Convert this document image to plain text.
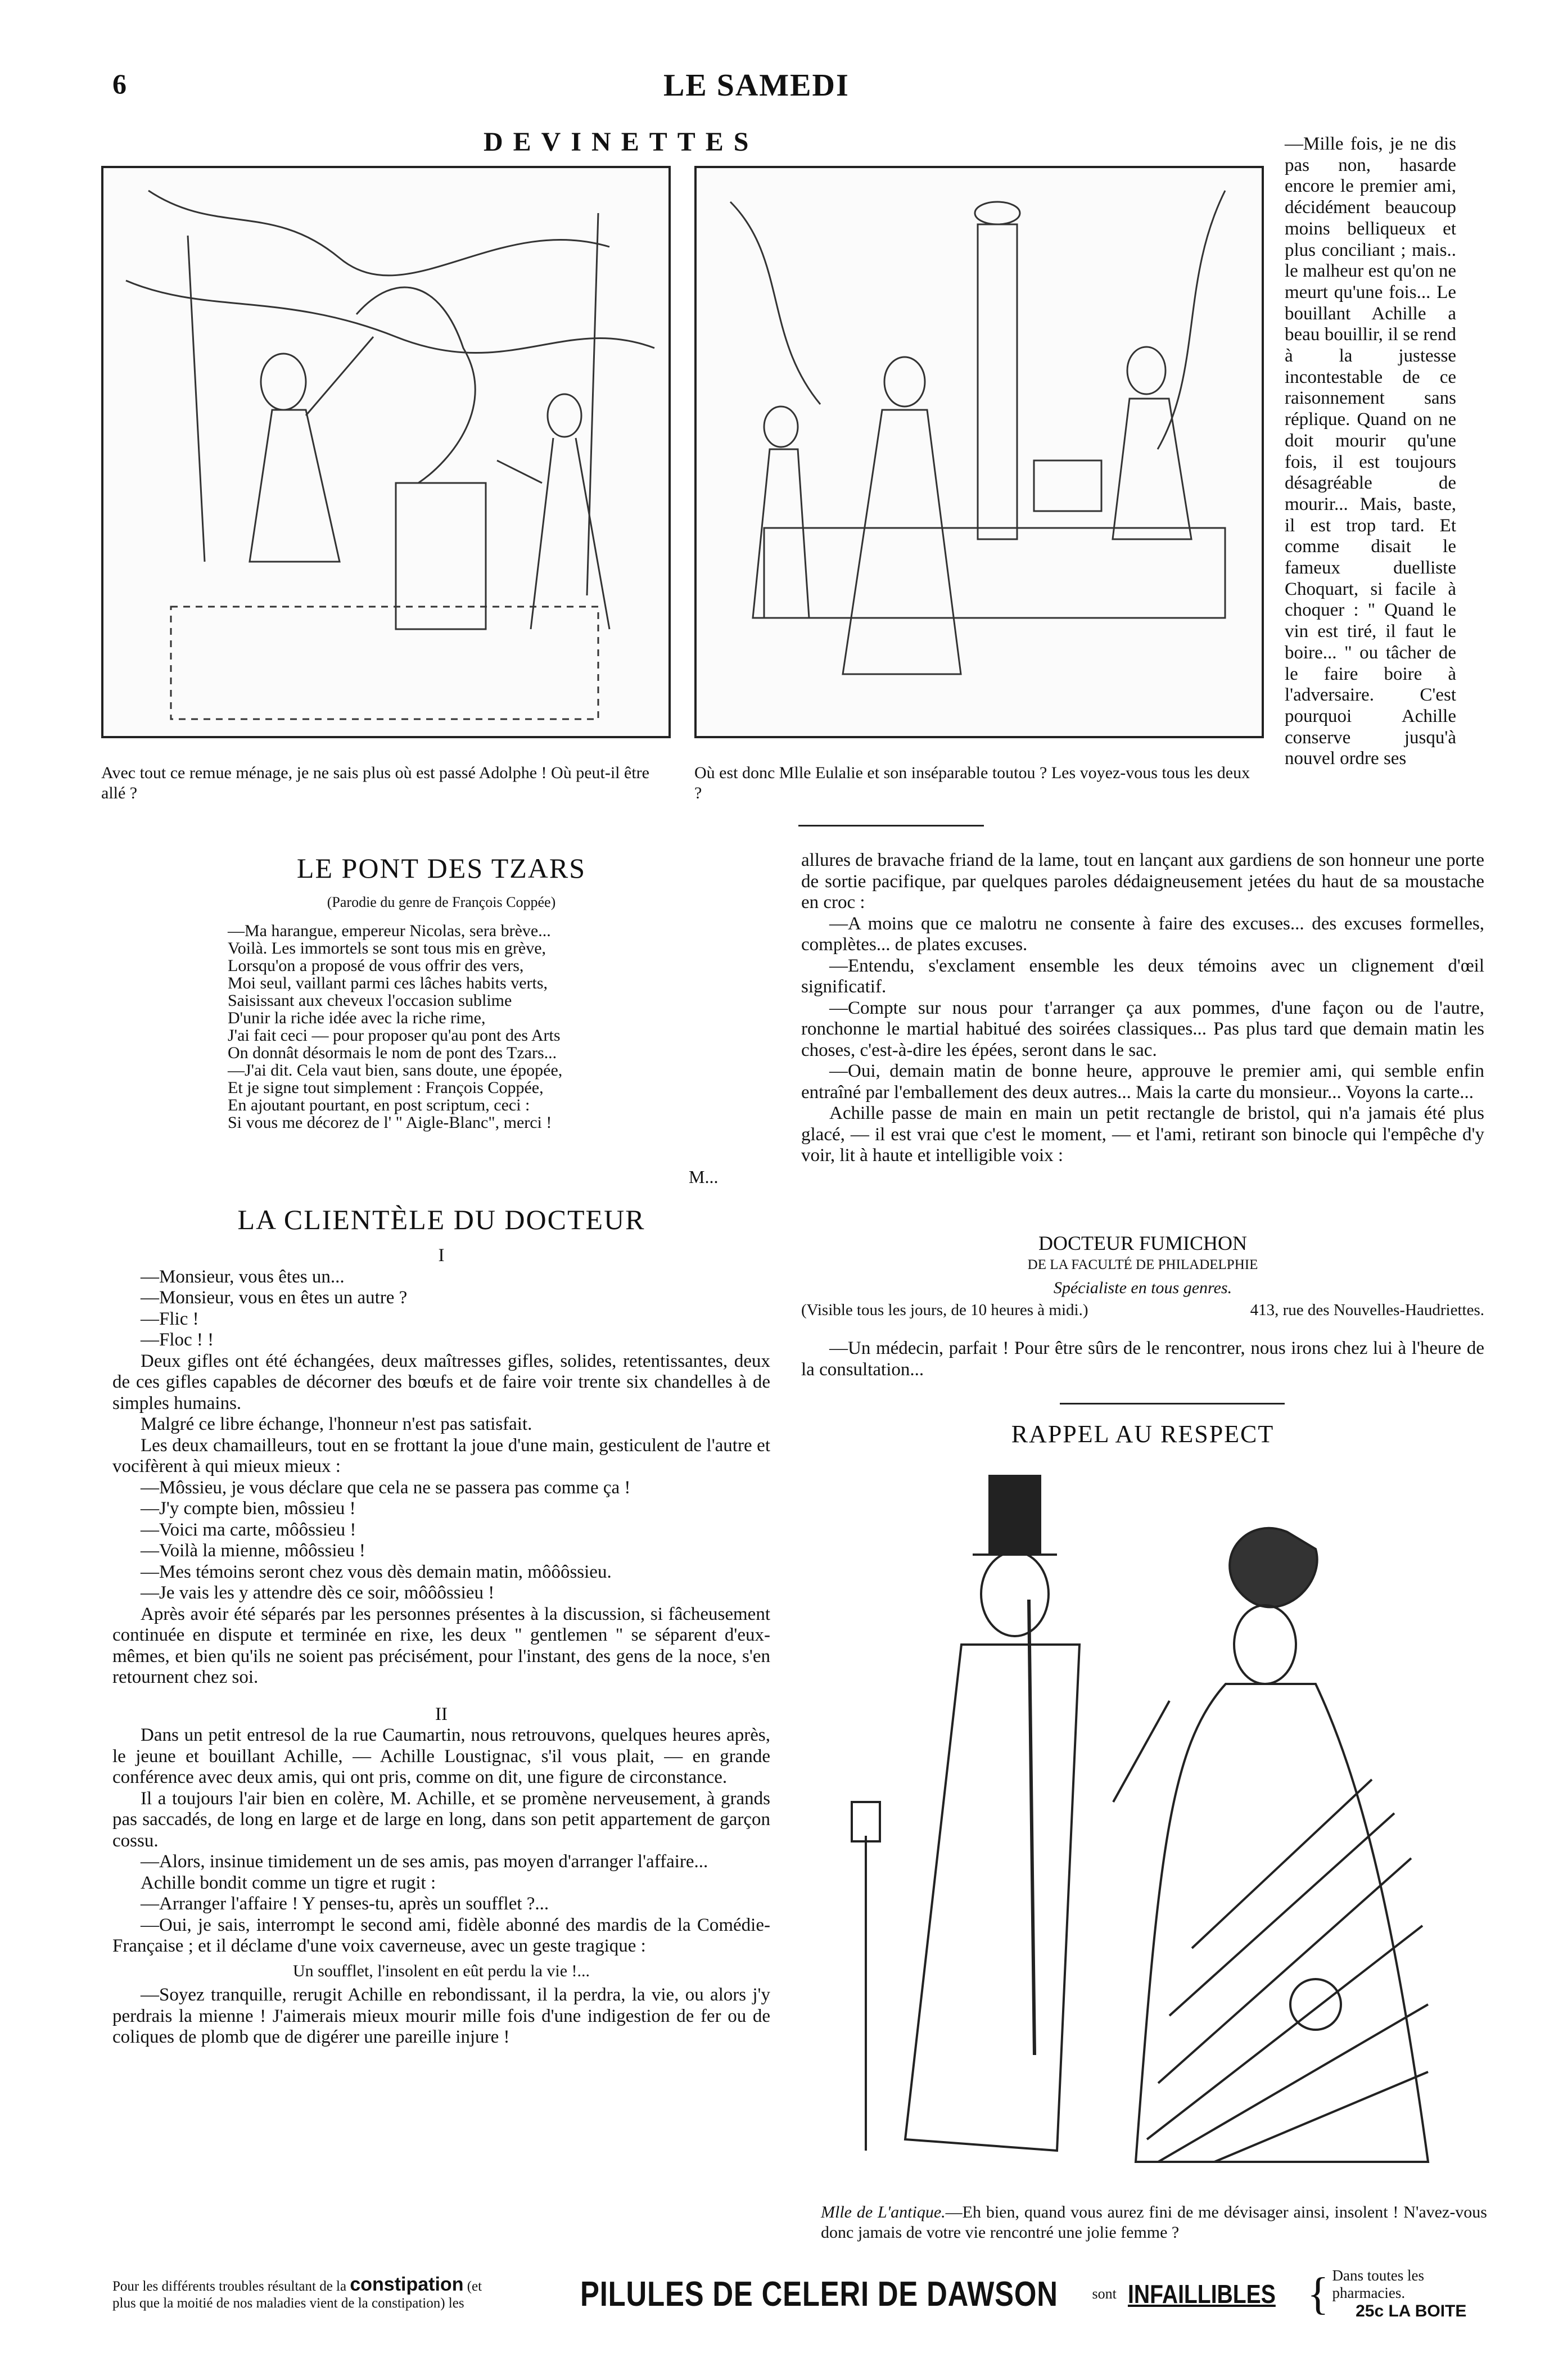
6	LE SAMEDI
DEVINETTES
Avec tout ce remue ménage, je ne sais plus où est passé Adolphe ! Où peut-il être allé ?
Où est donc Mlle Eulalie et son inséparable toutou ? Les voyez-vous tous les deux ?
LE PONT DES TZARS
(Parodie du genre de François Coppée)

—Ma harangue, empereur Nicolas, sera brève...

Voilà. Les immortels se sont tous mis en grève,

Lorsqu'on a proposé de vous offrir des vers,

Moi seul, vaillant parmi ces lâches habits verts,

Saisissant aux cheveux l'occasion sublime

D'unir la riche idée avec la riche rime,

J'ai fait ceci — pour proposer qu'au pont des Arts

On donnât désormais le nom de pont des Tzars...

—J'ai dit. Cela vaut bien, sans doute, une épopée,

Et je signe tout simplement : François Coppée,

En ajoutant pourtant, en post scriptum, ceci :

Si vous me décorez de l' " Aigle-Blanc", merci !

M...
LA CLIENTÈLE DU DOCTEUR

I

—Monsieur, vous êtes un...

—Monsieur, vous en êtes un autre ?

—Flic !

—Floc ! !

Deux gifles ont été échangées, deux maîtresses gifles, solides, retentissantes, deux de ces gifles capables de décorner des bœufs et de faire voir trente six chandelles à de simples humains.

Malgré ce libre échange, l'honneur n'est pas satisfait.

Les deux chamailleurs, tout en se frottant la joue d'une main, gesticulent de l'autre et vocifèrent à qui mieux mieux :

—Môssieu, je vous déclare que cela ne se passera pas comme ça !

—J'y compte bien, môssieu !

—Voici ma carte, môôssieu !

—Voilà la mienne, môôssieu !

—Mes témoins seront chez vous dès demain matin, môôôssieu.

—Je vais les y attendre dès ce soir, môôôssieu !

Après avoir été séparés par les personnes présentes à la discussion, si fâcheusement continuée en dispute et terminée en rixe, les deux " gentlemen " se séparent d'eux-mêmes, et bien qu'ils ne soient pas précisément, pour l'instant, des gens de la noce, s'en retournent chez soi.

II

Dans un petit entresol de la rue Caumartin, nous retrouvons, quelques heures après, le jeune et bouillant Achille, — Achille Loustignac, s'il vous plait, — en grande conférence avec deux amis, qui ont pris, comme on dit, une figure de circonstance.

Il a toujours l'air bien en colère, M. Achille, et se promène nerveusement, à grands pas saccadés, de long en large et de large en long, dans son petit appartement de garçon cossu.

—Alors, insinue timidement un de ses amis, pas moyen d'arranger l'affaire...

Achille bondit comme un tigre et rugit :

—Arranger l'affaire ! Y penses-tu, après un soufflet ?...

—Oui, je sais, interrompt le second ami, fidèle abonné des mardis de la Comédie-Française ; et il déclame d'une voix caverneuse, avec un geste tragique :

Un soufflet, l'insolent en eût perdu la vie !...

—Soyez tranquille, rerugit Achille en rebondissant, il la perdra, la vie, ou alors j'y perdrais la mienne ! J'aimerais mieux mourir mille fois d'une indigestion de fer ou de coliques de plomb que de digérer une pareille injure !

—Mille fois, je ne dis pas non, hasarde encore le premier ami, décidément beaucoup moins belliqueux et plus conciliant ; mais.. le malheur est qu'on ne meurt qu'une fois... Le bouillant Achille a beau bouillir, il se rend à la justesse incontestable de ce raisonnement sans réplique. Quand on ne doit mourir qu'une fois, il est toujours désagréable de mourir... Mais, baste, il est trop tard. Et comme disait le fameux duelliste Choquart, si facile à choquer : " Quand le vin est tiré, il faut le boire... " ou tâcher de le faire boire à l'adversaire. C'est pourquoi Achille conserve jusqu'à nouvel ordre ses

allures de bravache friand de la lame, tout en lançant aux gardiens de son honneur une porte de sortie pacifique, par quelques paroles dédaigneusement jetées du haut de sa moustache en croc :

—A moins que ce malotru ne consente à faire des excuses... des excuses formelles, complètes... de plates excuses.

—Entendu, s'exclament ensemble les deux témoins avec un clignement d'œil significatif.

—Compte sur nous pour t'arranger ça aux pommes, d'une façon ou de l'autre, ronchonne le martial habitué des soirées classiques... Pas plus tard que demain matin les choses, c'est-à-dire les épées, seront dans le sac.

—Oui, demain matin de bonne heure, approuve le premier ami, qui semble enfin entraîné par l'emballement des deux autres... Mais la carte du monsieur... Voyons la carte...

Achille passe de main en main un petit rectangle de bristol, qui n'a jamais été plus glacé, — il est vrai que c'est le moment, — et l'ami, retirant son binocle qui l'empêche d'y voir, lit à haute et intelligible voix :

DOCTEUR FUMICHON
DE LA FACULTÉ DE PHILADELPHIE
Spécialiste en tous genres.
(Visible tous les jours, de 10 heures à midi.)	413, rue des Nouvelles-Haudriettes.

—Un médecin, parfait ! Pour être sûrs de le rencontrer, nous irons chez lui à l'heure de la consultation...

RAPPEL AU RESPECT
Mlle de L'antique.—Eh bien, quand vous aurez fini de me dévisager ainsi, insolent ! N'avez-vous donc jamais de votre vie rencontré une jolie femme ?
Pour les différents troubles résultant de la constipation (et
plus que la moitié de nos maladies vient de la constipation) les	PILULES DE CELERI DE DAWSON sont INFAILLIBLES { Dans toutes les pharmacies.
25c LA BOITE
